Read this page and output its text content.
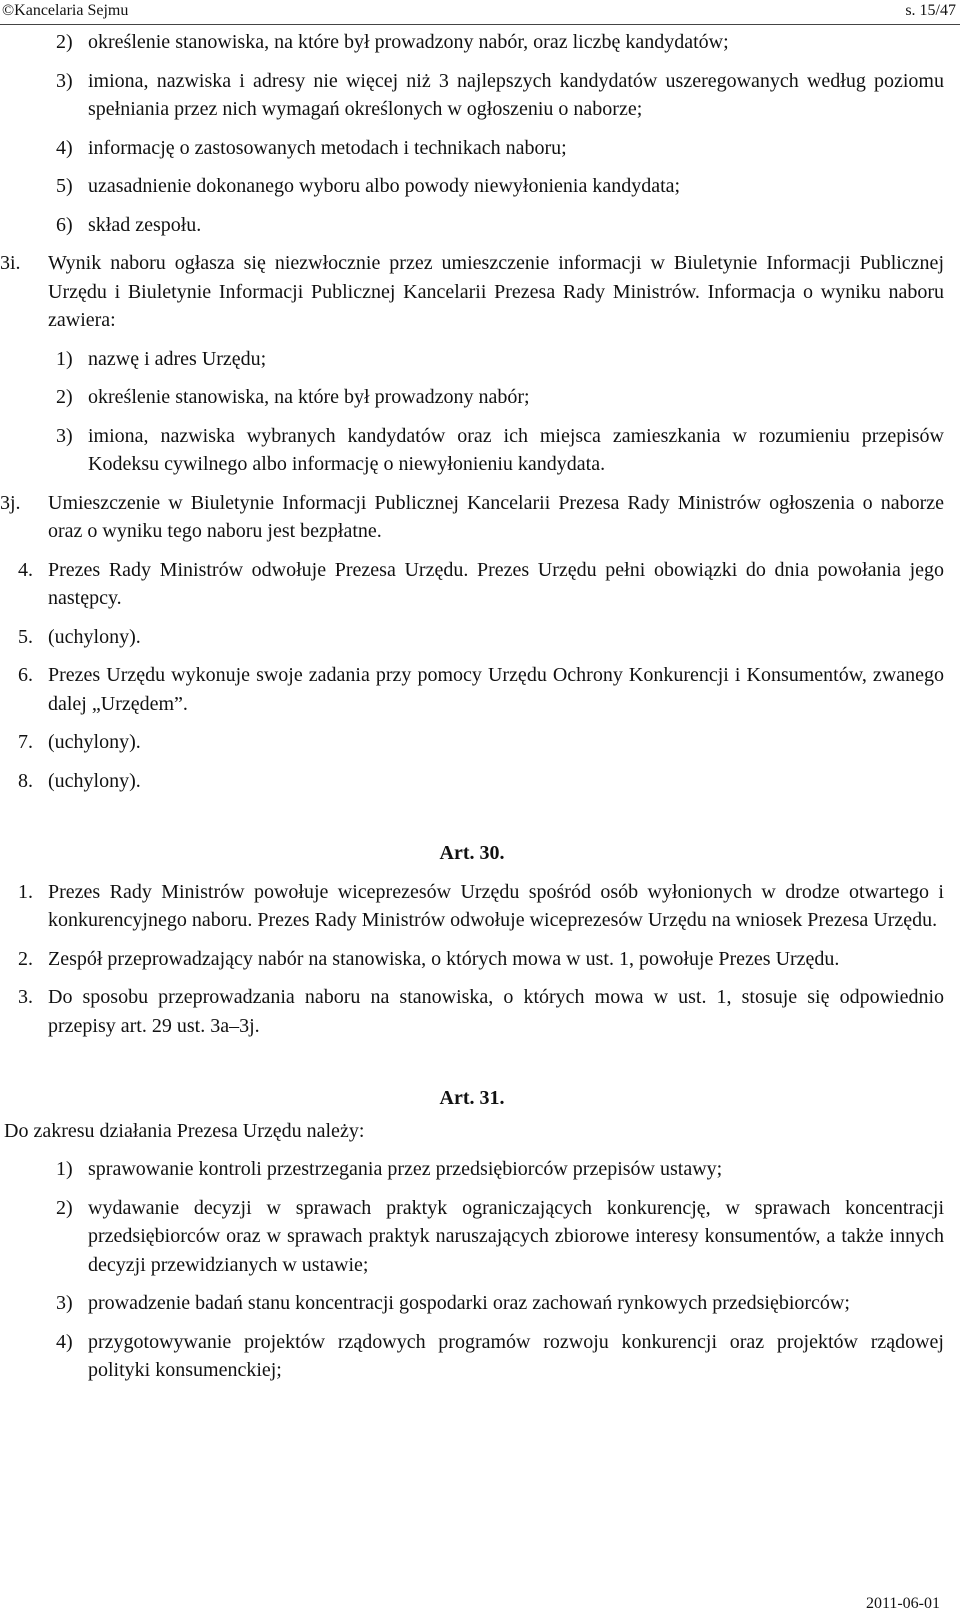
©Kancelaria Sejmu	s. 15/47
2) określenie stanowiska, na które był prowadzony nabór, oraz liczbę kandydatów;
3) imiona, nazwiska i adresy nie więcej niż 3 najlepszych kandydatów uszeregowanych według poziomu spełniania przez nich wymagań określonych w ogłoszeniu o naborze;
4) informację o zastosowanych metodach i technikach naboru;
5) uzasadnienie dokonanego wyboru albo powody niewyłonienia kandydata;
6) skład zespołu.
3i. Wynik naboru ogłasza się niezwłocznie przez umieszczenie informacji w Biuletynie Informacji Publicznej Urzędu i Biuletynie Informacji Publicznej Kancelarii Prezesa Rady Ministrów. Informacja o wyniku naboru zawiera:
1) nazwę i adres Urzędu;
2) określenie stanowiska, na które był prowadzony nabór;
3) imiona, nazwiska wybranych kandydatów oraz ich miejsca zamieszkania w rozumieniu przepisów Kodeksu cywilnego albo informację o niewyłonieniu kandydata.
3j. Umieszczenie w Biuletynie Informacji Publicznej Kancelarii Prezesa Rady Ministrów ogłoszenia o naborze oraz o wyniku tego naboru jest bezpłatne.
4. Prezes Rady Ministrów odwołuje Prezesa Urzędu. Prezes Urzędu pełni obowiązki do dnia powołania jego następcy.
5. (uchylony).
6. Prezes Urzędu wykonuje swoje zadania przy pomocy Urzędu Ochrony Konkurencji i Konsumentów, zwanego dalej „Urzędem”.
7. (uchylony).
8. (uchylony).

Art. 30.

1. Prezes Rady Ministrów powołuje wiceprezesów Urzędu spośród osób wyłonionych w drodze otwartego i konkurencyjnego naboru. Prezes Rady Ministrów odwołuje wiceprezesów Urzędu na wniosek Prezesa Urzędu.
2. Zespół przeprowadzający nabór na stanowiska, o których mowa w ust. 1, powołuje Prezes Urzędu.
3. Do sposobu przeprowadzania naboru na stanowiska, o których mowa w ust. 1, stosuje się odpowiednio przepisy art. 29 ust. 3a–3j.

Art. 31.

Do zakresu działania Prezesa Urzędu należy:
1) sprawowanie kontroli przestrzegania przez przedsiębiorców przepisów ustawy;
2) wydawanie decyzji w sprawach praktyk ograniczających konkurencję, w sprawach koncentracji przedsiębiorców oraz w sprawach praktyk naruszających zbiorowe interesy konsumentów, a także innych decyzji przewidzianych w ustawie;
3) prowadzenie badań stanu koncentracji gospodarki oraz zachowań rynkowych przedsiębiorców;
4) przygotowywanie projektów rządowych programów rozwoju konkurencji oraz projektów rządowej polityki konsumenckiej;
2011-06-01
